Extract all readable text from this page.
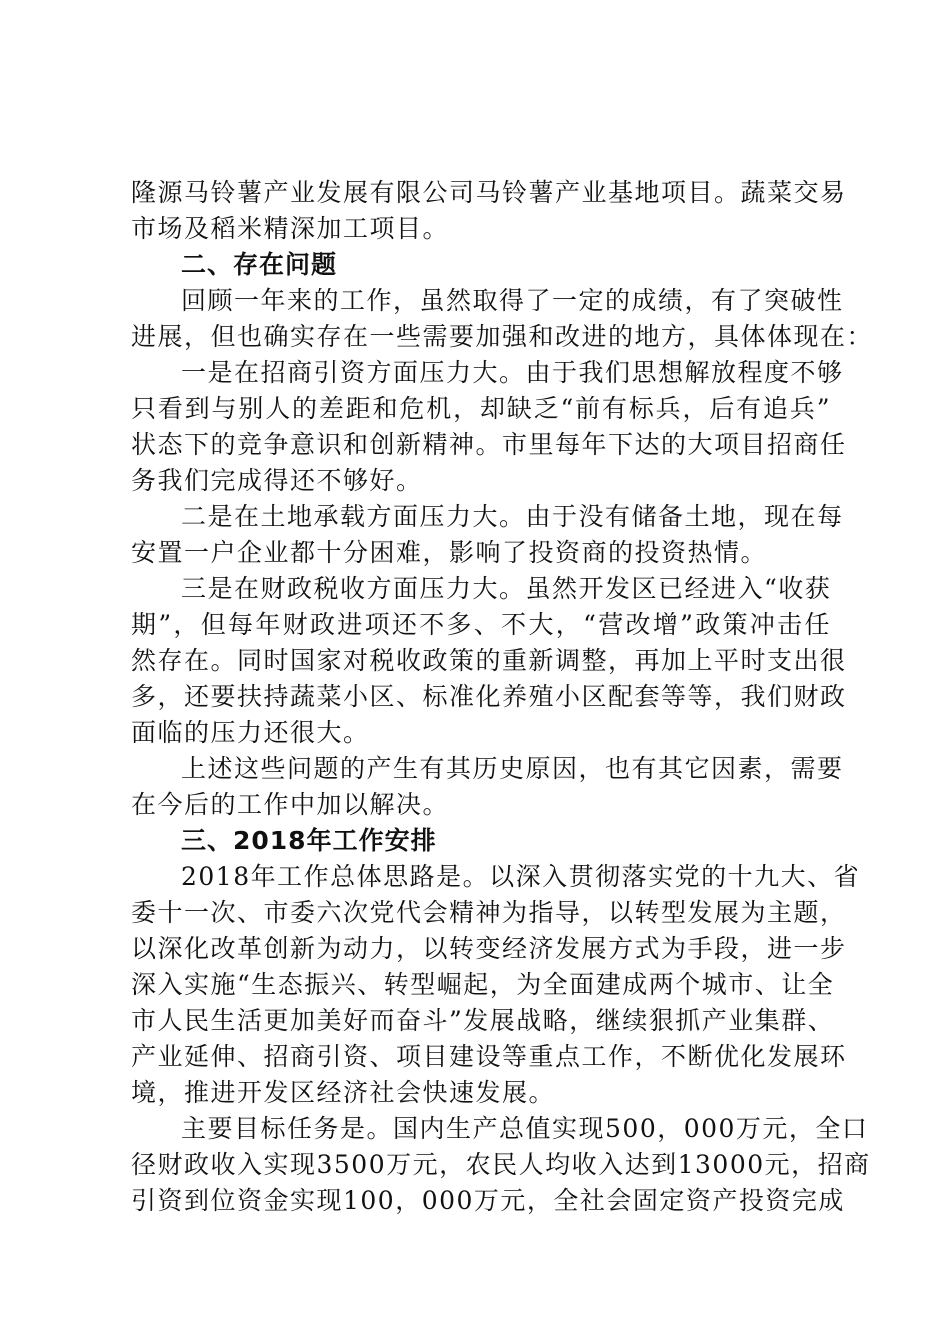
隆源马铃薯产业发展有限公司马铃薯产业基地项目。蔬菜交易
市场及稻米精深加工项目。
二、存在问题
回顾一年来的工作，虽然取得了一定的成绩，有了突破性
进展，但也确实存在一些需要加强和改进的地方，具体体现在：
一是在招商引资方面压力大。由于我们思想解放程度不够
只看到与别人的差距和危机，却缺乏“前有标兵，后有追兵”
状态下的竞争意识和创新精神。市里每年下达的大项目招商任
务我们完成得还不够好。
二是在土地承载方面压力大。由于没有储备土地，现在每
安置一户企业都十分困难，影响了投资商的投资热情。
三是在财政税收方面压力大。虽然开发区已经进入“收获
期”，但每年财政进项还不多、不大，“营改增”政策冲击任
然存在。同时国家对税收政策的重新调整，再加上平时支出很
多，还要扶持蔬菜小区、标准化养殖小区配套等等，我们财政
面临的压力还很大。
上述这些问题的产生有其历史原因，也有其它因素，需要
在今后的工作中加以解决。
三、2018年工作安排
2018年工作总体思路是。以深入贯彻落实党的十九大、省
委十一次、市委六次党代会精神为指导，以转型发展为主题，
以深化改革创新为动力，以转变经济发展方式为手段，进一步
深入实施“生态振兴、转型崛起，为全面建成两个城市、让全
市人民生活更加美好而奋斗”发展战略，继续狠抓产业集群、
产业延伸、招商引资、项目建设等重点工作，不断优化发展环
境，推进开发区经济社会快速发展。
主要目标任务是。国内生产总值实现500，000万元，全口
径财政收入实现3500万元，农民人均收入达到13000元，招商
引资到位资金实现100，000万元，全社会固定资产投资完成
